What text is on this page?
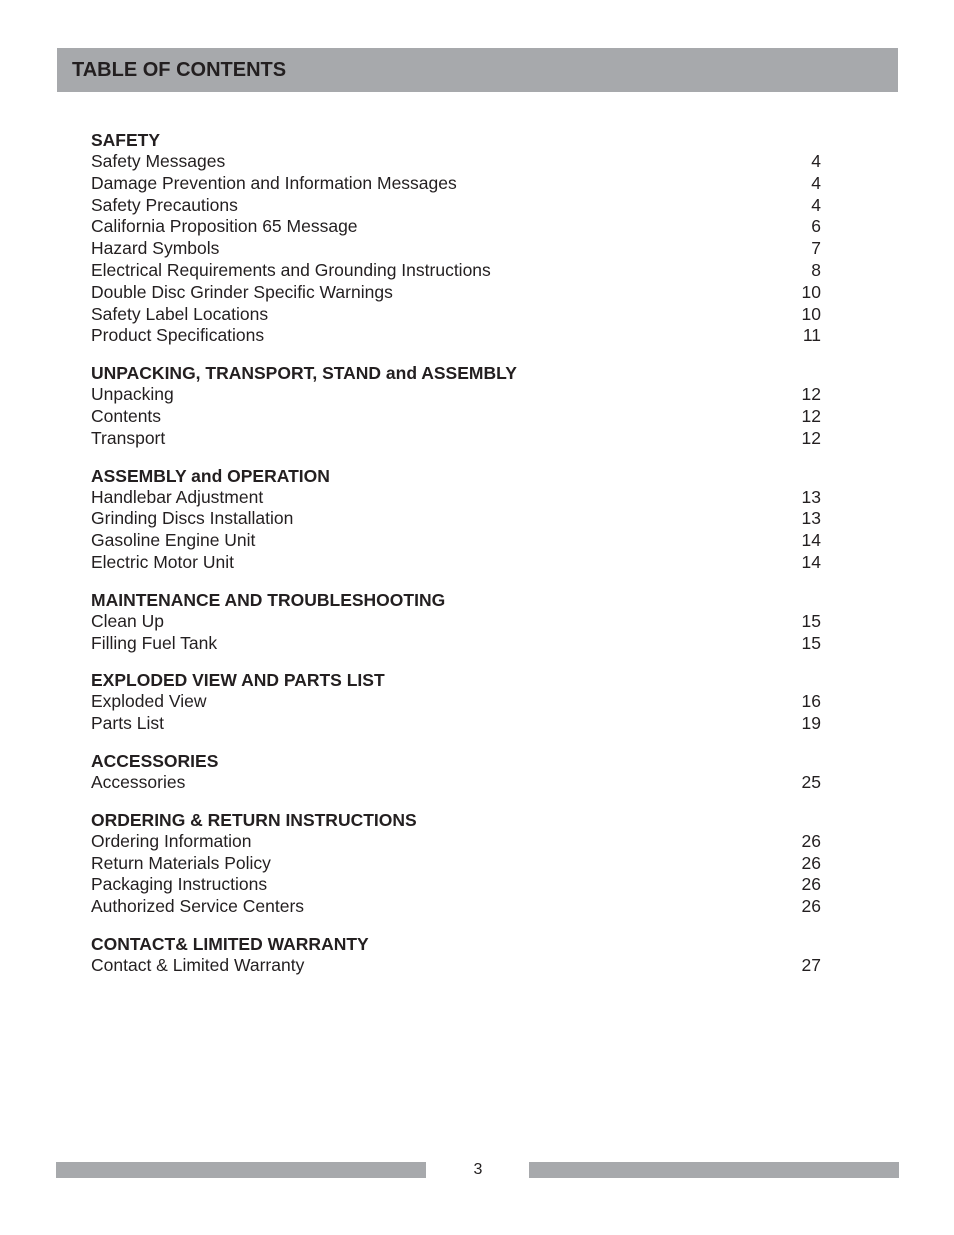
TABLE OF CONTENTS
SAFETY
Safety Messages	4
Damage Prevention and Information Messages	4
Safety Precautions	4
California Proposition 65 Message	6
Hazard Symbols	7
Electrical Requirements and Grounding Instructions	8
Double Disc Grinder Specific Warnings	10
Safety Label Locations	10
Product Specifications	11
UNPACKING, TRANSPORT, STAND and ASSEMBLY
Unpacking	12
Contents	12
Transport	12
ASSEMBLY and OPERATION
Handlebar Adjustment	13
Grinding Discs Installation	13
Gasoline Engine Unit	14
Electric Motor Unit	14
MAINTENANCE AND TROUBLESHOOTING
Clean Up	15
Filling Fuel Tank	15
EXPLODED VIEW AND PARTS LIST
Exploded View	16
Parts List	19
ACCESSORIES
Accessories	25
ORDERING & RETURN INSTRUCTIONS
Ordering Information	26
Return Materials Policy	26
Packaging Instructions	26
Authorized Service Centers	26
CONTACT& LIMITED WARRANTY
Contact & Limited Warranty	27
3
